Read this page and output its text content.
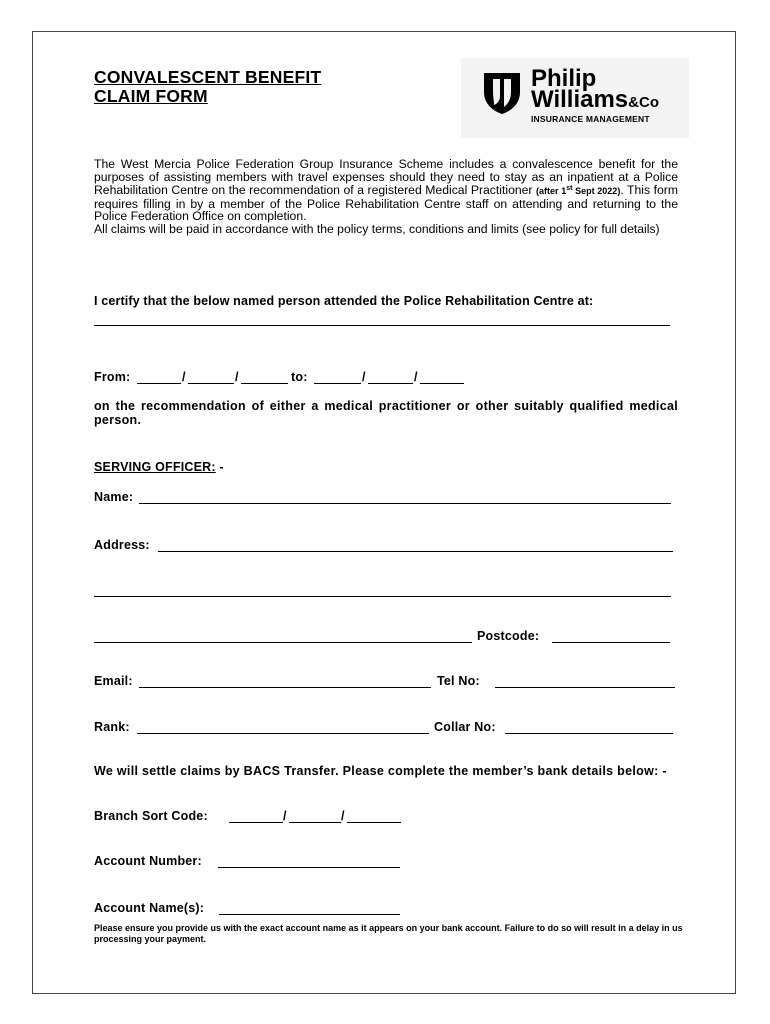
CONVALESCENT BENEFIT
CLAIM FORM
Philip
Williams&Co
INSURANCE MANAGEMENT
The West Mercia Police Federation Group Insurance Scheme includes a convalescence benefit for the purposes of assisting members with travel expenses should they need to stay as an inpatient at a Police Rehabilitation Centre on the recommendation of a registered Medical Practitioner (after 1st Sept 2022). This form requires filling in by a member of the Police Rehabilitation Centre staff on attending and returning to the Police Federation Office on completion.
All claims will be paid in accordance with the policy terms, conditions and limits (see policy for full details)
I certify that the below named person attended the Police Rehabilitation Centre at:
From:	/	/	to:	/	/
on the recommendation of either a medical practitioner or other suitably qualified medical person.
SERVING OFFICER: -
Name:
Address:
Postcode:
Email:	Tel No:
Rank:	Collar No:
We will settle claims by BACS Transfer. Please complete the member’s bank details below: -
Branch Sort Code:	/	/
Account Number:
Account Name(s):
Please ensure you provide us with the exact account name as it appears on your bank account. Failure to do so will result in a delay in us processing your payment.
